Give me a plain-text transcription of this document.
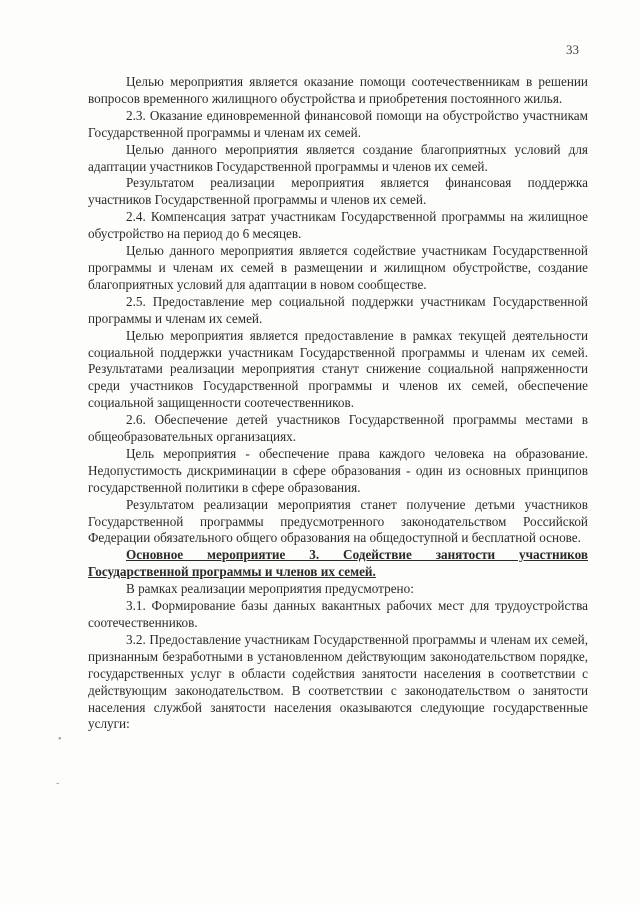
33
•
-

Целью мероприятия является оказание помощи соотечественникам в решении вопросов временного жилищного обустройства и приобретения постоянного жилья.

2.3. Оказание единовременной финансовой помощи на обустройство участникам Государственной программы и членам их семей.

Целью данного мероприятия является создание благоприятных условий для адаптации участников Государственной программы и членов их семей.

Результатом реализации мероприятия является финансовая поддержка участников Государственной программы и членов их семей.

2.4. Компенсация затрат участникам Государственной программы на жилищное обустройство на период до 6 месяцев.

Целью данного мероприятия является содействие участникам Государственной программы и членам их семей в размещении и жилищном обустройстве, создание благоприятных условий для адаптации в новом сообществе.

2.5. Предоставление мер социальной поддержки участникам Государственной программы и членам их семей.

Целью мероприятия является предоставление в рамках текущей деятельности социальной поддержки участникам Государственной программы и членам их семей. Результатами реализации мероприятия станут снижение социальной напряженности среди участников Государственной программы и членов их семей, обеспечение социальной защищенности соотечественников.

2.6. Обеспечение детей участников Государственной программы местами в общеобразовательных организациях.

Цель мероприятия - обеспечение права каждого человека на образование. Недопустимость дискриминации в сфере образования - один из основных принципов государственной политики в сфере образования.

Результатом реализации мероприятия станет получение детьми участников Государственной программы предусмотренного законодательством Российской Федерации обязательного общего образования на общедоступной и бесплатной основе.

Основное мероприятие 3. Содействие занятости участников Государственной программы и членов их семей.

В рамках реализации мероприятия предусмотрено:

3.1. Формирование базы данных вакантных рабочих мест для трудоустройства соотечественников.

3.2. Предоставление участникам Государственной программы и членам их семей, признанным безработными в установленном действующим законодательством порядке, государственных услуг в области содействия занятости населения в соответствии с действующим законодательством. В соответствии с законодательством о занятости населения службой занятости населения оказываются следующие государственные услуги:
